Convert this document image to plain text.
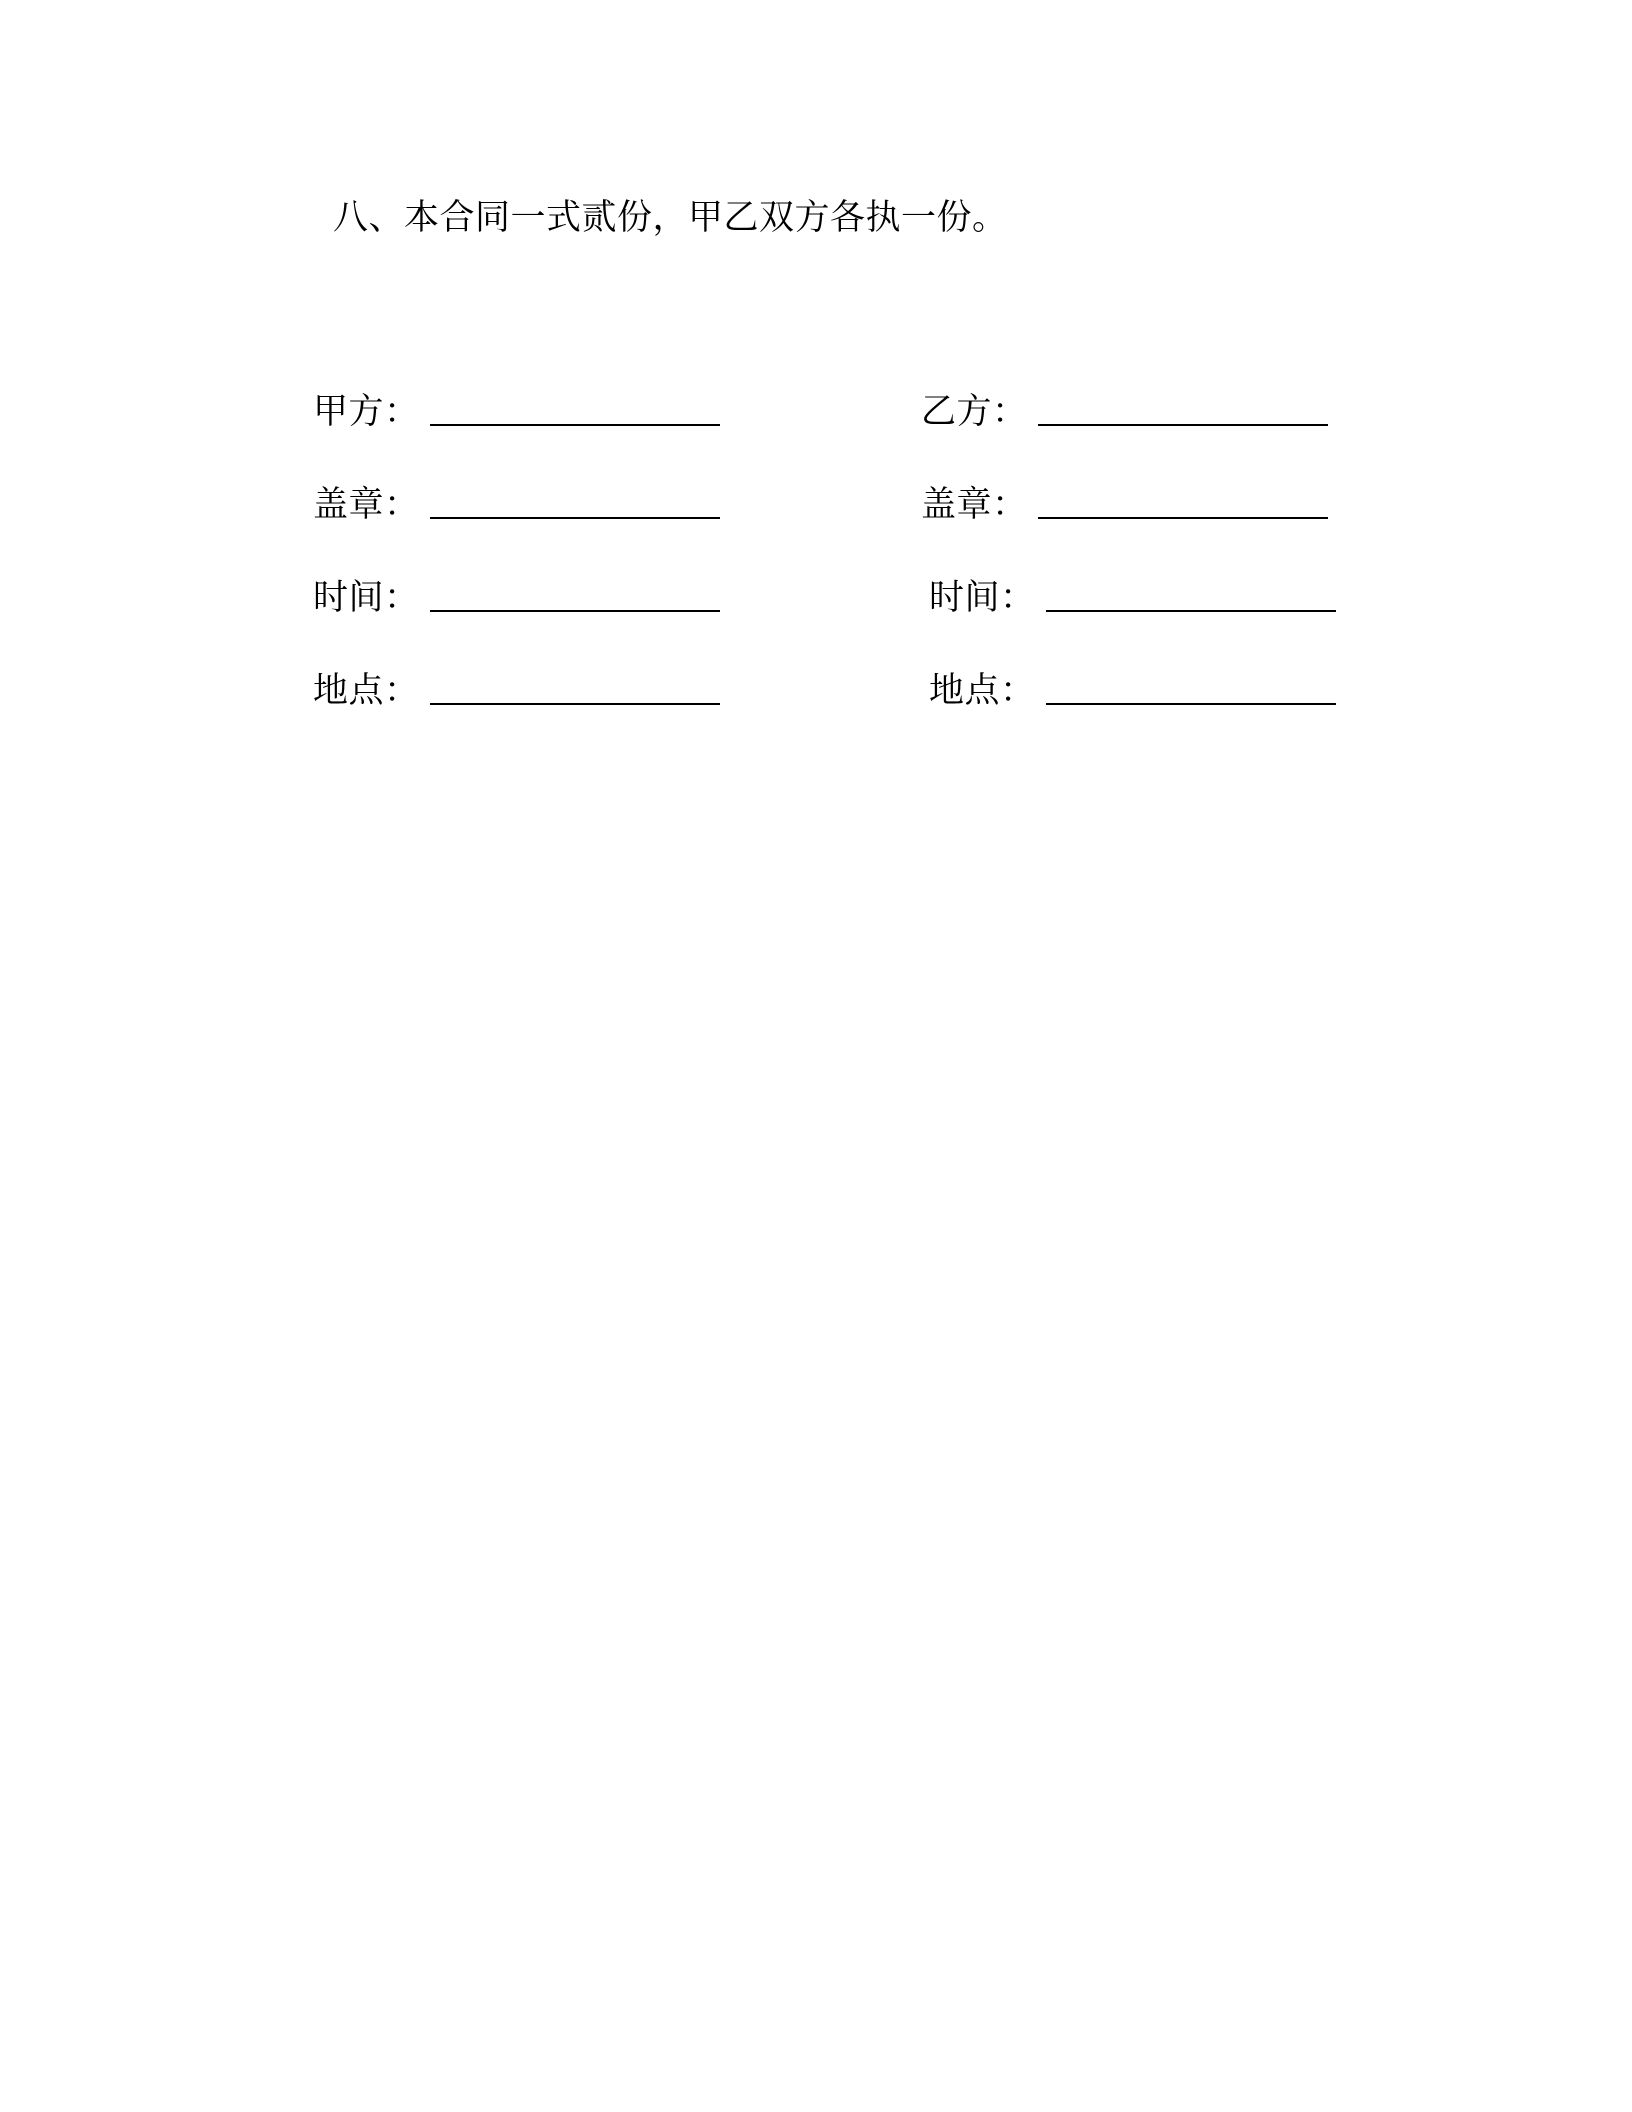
八、本合同一式贰份，甲乙双方各执一份。
甲方：
盖章：
时间：
地点：
乙方：
盖章：
时间：
地点：
